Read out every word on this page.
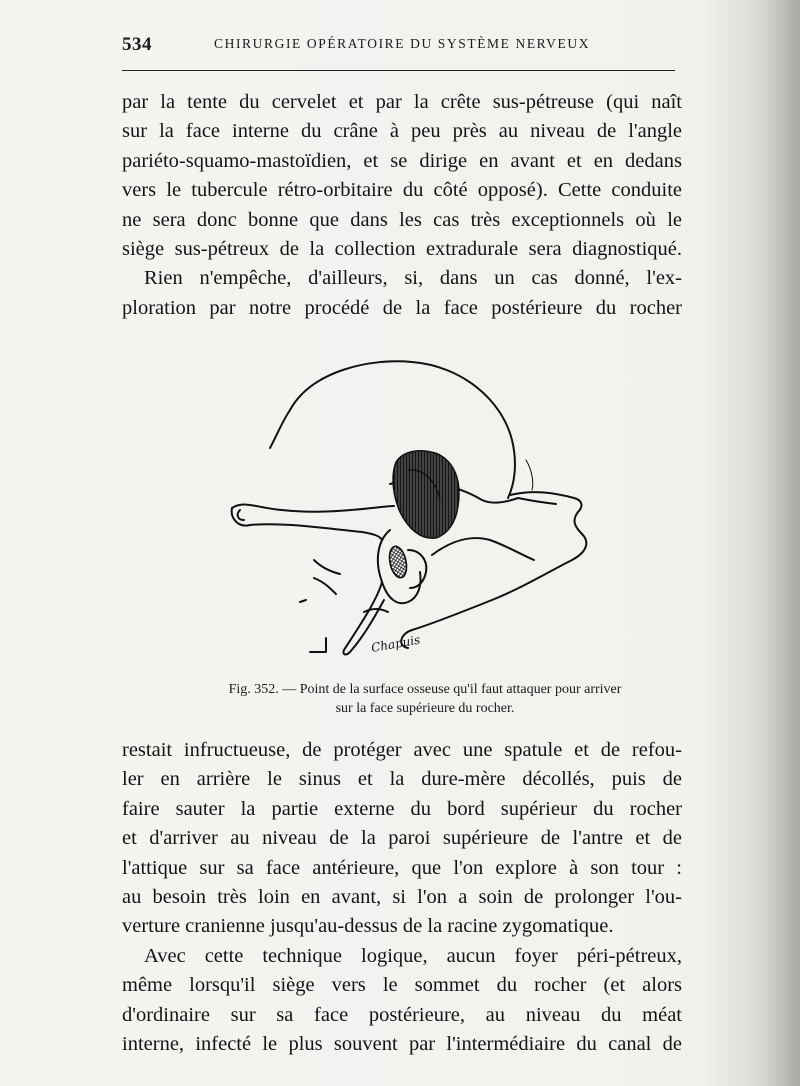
534	CHIRURGIE OPÉRATOIRE DU SYSTÈME NERVEUX
par la tente du cervelet et par la crête sus-pétreuse (qui naît
sur la face interne du crâne à peu près au niveau de l'angle
pariéto-squamo-mastoïdien, et se dirige en avant et en dedans
vers le tubercule rétro-orbitaire du côté opposé). Cette conduite
ne sera donc bonne que dans les cas très exceptionnels où le
siège sus-pétreux de la collection extradurale sera diagnostiqué.
Rien n'empêche, d'ailleurs, si, dans un cas donné, l'ex-
ploration par notre procédé de la face postérieure du rocher
Chapuis
Fig. 352. — Point de la surface osseuse qu'il faut attaquer pour arriver
sur la face supérieure du rocher.
restait infructueuse, de protéger avec une spatule et de refou-
ler en arrière le sinus et la dure-mère décollés, puis de
faire sauter la partie externe du bord supérieur du rocher
et d'arriver au niveau de la paroi supérieure de l'antre et de
l'attique sur sa face antérieure, que l'on explore à son tour :
au besoin très loin en avant, si l'on a soin de prolonger l'ou-
verture cranienne jusqu'au-dessus de la racine zygomatique.
Avec cette technique logique, aucun foyer péri-pétreux,
même lorsqu'il siège vers le sommet du rocher (et alors
d'ordinaire sur sa face postérieure, au niveau du méat
interne, infecté le plus souvent par l'intermédiaire du canal de
